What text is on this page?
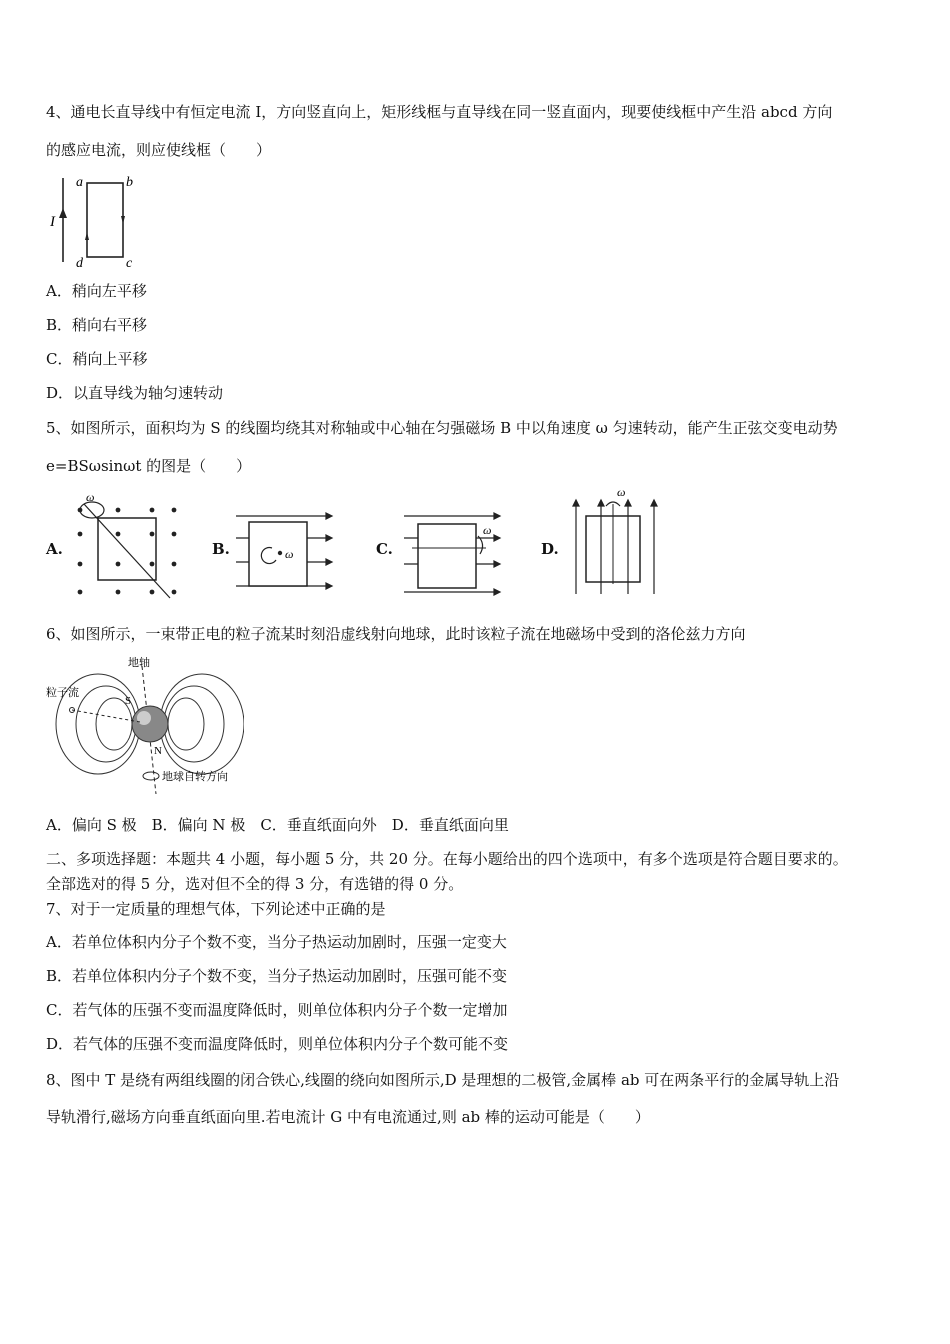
4、通电长直导线中有恒定电流 I，方向竖直向上，矩形线框与直导线在同一竖直面内，现要使线框中产生沿 abcd 方向
的感应电流，则应使线框（　　）
I
a	b
c
d
A．稍向左平移
B．稍向右平移
C．稍向上平移
D．以直导线为轴匀速转动
5、如图所示，面积均为 S 的线圈均绕其对称轴或中心轴在匀强磁场 B 中以角速度 ω 匀速转动，能产生正弦交变电动势
e=BSωsinωt 的图是（　　）
A.
ω
B.	ω	C.
ω
D.
ω
6、如图所示，一束带正电的粒子流某时刻沿虚线射向地球，此时该粒子流在地磁场中受到的洛伦兹力方向
地轴
粒子流
S
N
地球自转方向
A．偏向 S 极　B．偏向 N 极　C．垂直纸面向外　D．垂直纸面向里
二、多项选择题：本题共 4 小题，每小题 5 分，共 20 分。在每小题给出的四个选项中，有多个选项是符合题目要求的。
全部选对的得 5 分，选对但不全的得 3 分，有选错的得 0 分。
7、对于一定质量的理想气体，下列论述中正确的是
A．若单位体积内分子个数不变，当分子热运动加剧时，压强一定变大
B．若单位体积内分子个数不变，当分子热运动加剧时，压强可能不变
C．若气体的压强不变而温度降低时，则单位体积内分子个数一定增加
D．若气体的压强不变而温度降低时，则单位体积内分子个数可能不变
8、图中 T 是绕有两组线圈的闭合铁心,线圈的绕向如图所示,D 是理想的二极管,金属棒 ab 可在两条平行的金属导轨上沿
导轨滑行,磁场方向垂直纸面向里.若电流计 G 中有电流通过,则 ab 棒的运动可能是（　　）
